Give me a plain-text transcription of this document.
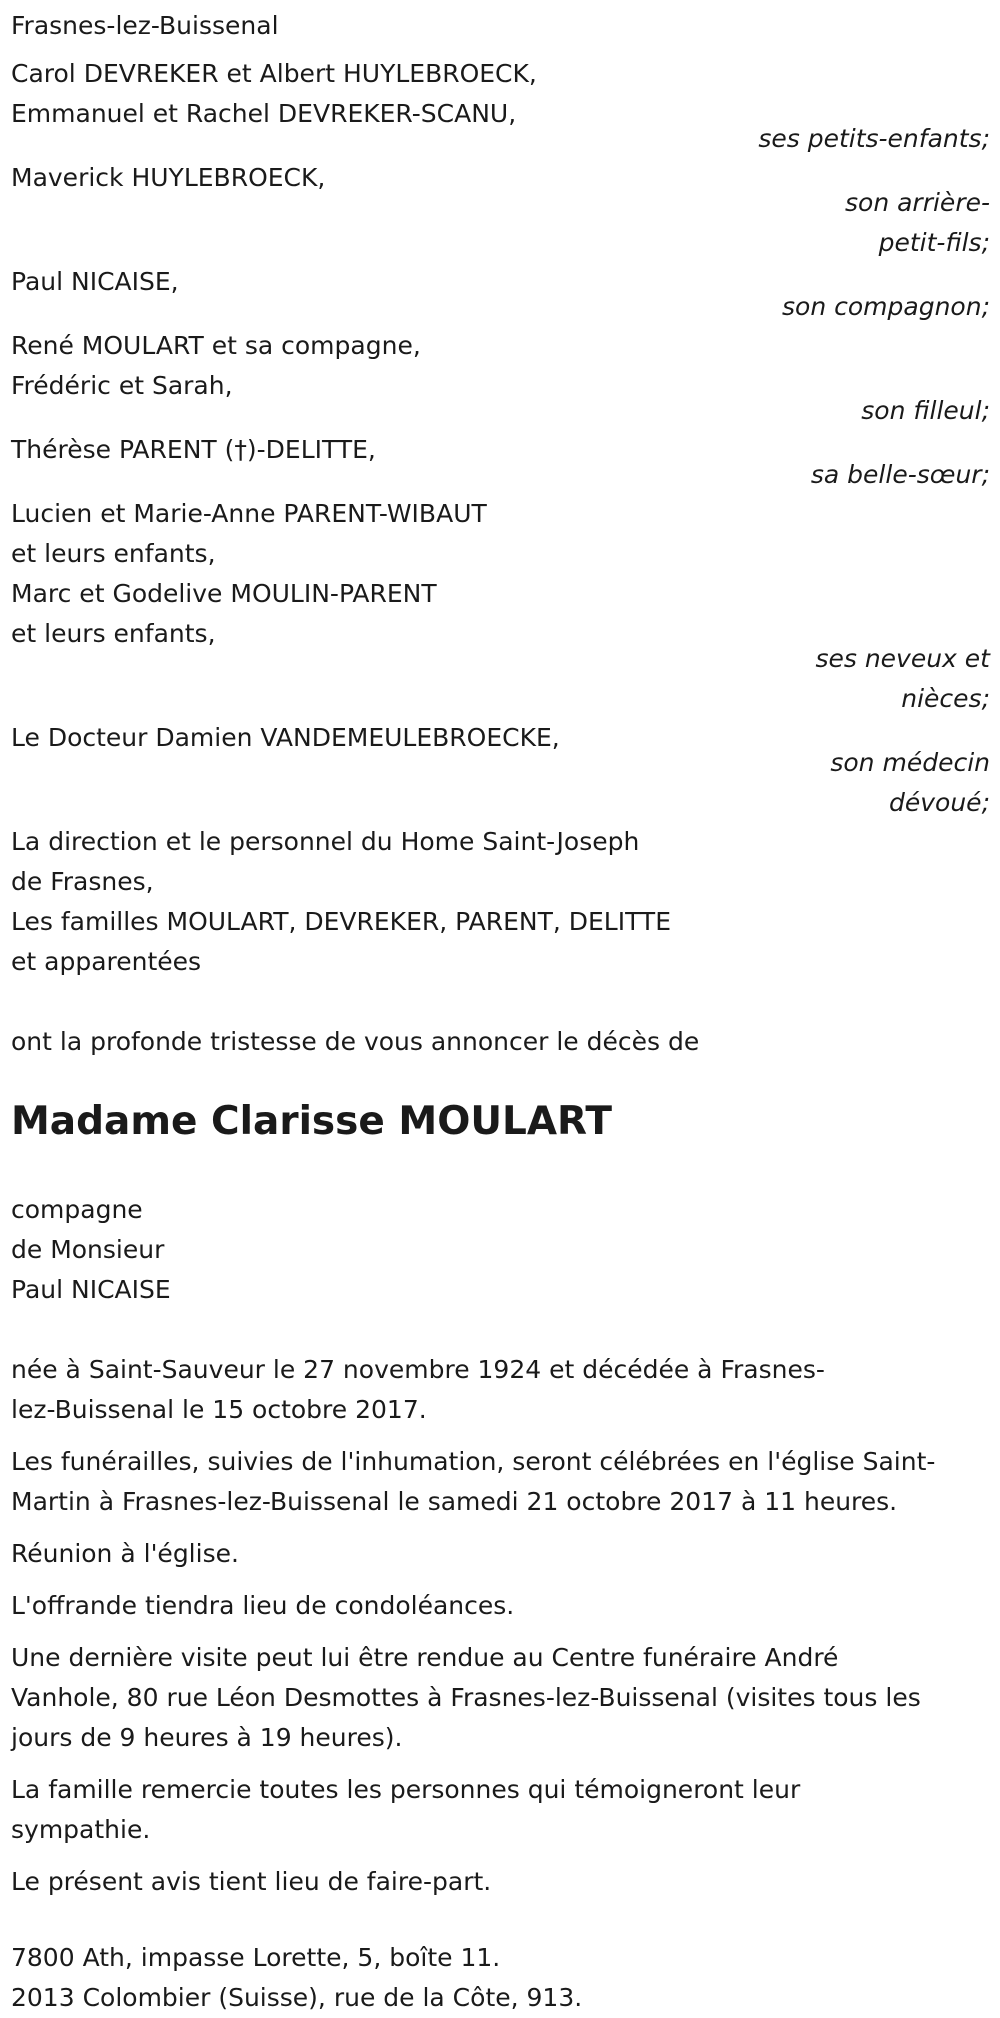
Frasnes-lez-Buissenal
Carol DEVREKER et Albert HUYLEBROECK,
Emmanuel et Rachel DEVREKER-SCANU,
ses petits-enfants;
Maverick HUYLEBROECK,
son arrière-
petit-fils;
Paul NICAISE,
son compagnon;
René MOULART et sa compagne,
Frédéric et Sarah,
son filleul;
Thérèse PARENT (†)-DELITTE,
sa belle-sœur;
Lucien et Marie-Anne PARENT-WIBAUT
et leurs enfants,
Marc et Godelive MOULIN-PARENT
et leurs enfants,
ses neveux et
nièces;
Le Docteur Damien VANDEMEULEBROECKE,
son médecin
dévoué;
La direction et le personnel du Home Saint-Joseph
de Frasnes,
Les familles MOULART, DEVREKER, PARENT, DELITTE
et apparentées
ont la profonde tristesse de vous annoncer le décès de
Madame Clarisse MOULART
compagne
de Monsieur
Paul NICAISE
née à Saint-Sauveur le 27 novembre 1924 et décédée à Frasnes-
lez-Buissenal le 15 octobre 2017.
Les funérailles, suivies de l'inhumation, seront célébrées en l'église Saint-
Martin à Frasnes-lez-Buissenal le samedi 21 octobre 2017 à 11 heures.
Réunion à l'église.
L'offrande tiendra lieu de condoléances.
Une dernière visite peut lui être rendue au Centre funéraire André
Vanhole, 80 rue Léon Desmottes à Frasnes-lez-Buissenal (visites tous les
jours de 9 heures à 19 heures).
La famille remercie toutes les personnes qui témoigneront leur
sympathie.
Le présent avis tient lieu de faire-part.
7800 Ath, impasse Lorette, 5, boîte 11.
2013 Colombier (Suisse), rue de la Côte, 913.
